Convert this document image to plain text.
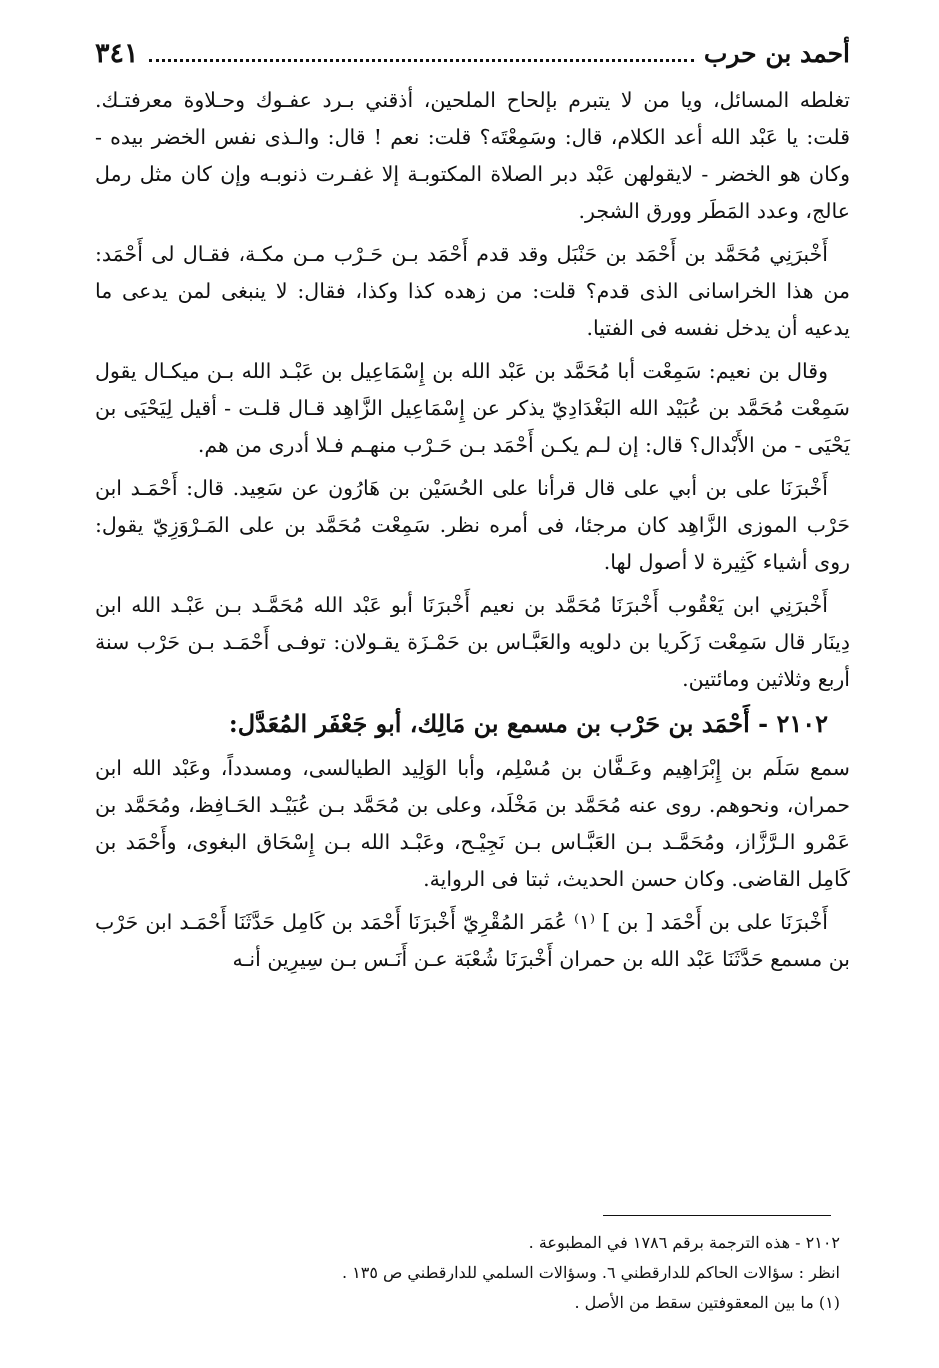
أحمد بن حرب
٣٤١

تغلطه المسائل، ويا من لا يتبرم بإلحاح الملحين، أذقني بـرد عفـوك وحـلاوة معرفتـك. قلت: يا عَبْد الله أعد الكلام، قال: وسَمِعْتَه؟ قلت: نعم ! قال: والـذى نفس الخضر بيده - وكان هو الخضر - لايقولهن عَبْد دبر الصلاة المكتوبـة إلا غفـرت ذنوبـه وإن كان مثل رمل عالج، وعدد المَطَر وورق الشجر.

أَخْبرَنِي مُحَمَّد بن أَحْمَد بن حَنْبَل وقد قدم أَحْمَد بـن حَـرْب مـن مكـة، فقـال لى أَحْمَد: من هذا الخراسانى الذى قدم؟ قلت: من زهده كذا وكذا، فقال: لا ينبغى لمن يدعى ما يدعيه أن يدخل نفسه فى الفتيا.

وقال بن نعيم: سَمِعْت أبا مُحَمَّد بن عَبْد الله بن إِسْمَاعِيل بن عَبْـد الله بـن ميكـال يقول سَمِعْت مُحَمَّد بن عُبَيْد الله البَغْدَادِيّ يذكر عن إِسْمَاعِيل الزَّاهِد قـال قلـت - أقيل لِيَحْيَى بن يَحْيَى - من الأَبْدال؟ قال: إن لـم يكـن أَحْمَد بـن حَـرْب منهـم فـلا أدرى من هم.

أَخْبرَنَا على بن أبي على قال قرأنا على الحُسَيْن بن هَارُون عن سَعِيد. قال: أَحْمَـد ابن حَرْب الموزى الزَّاهِد كان مرجئا، فى أمره نظر. سَمِعْت مُحَمَّد بن على المَـرْوَزِيّ يقول: روى أشياء كَثِيرة لا أصول لها.

أَخْبرَنِي ابن يَعْقُوب أَخْبرَنَا مُحَمَّد بن نعيم أَخْبرَنَا أبو عَبْد الله مُحَمَّـد بـن عَبْـد الله ابن دِينَار قال سَمِعْت زَكَريا بن دلويه والعَبَّـاس بن حَمْـزَة يقـولان: توفـى أَحْمَـد بـن حَرْب سنة أربع وثلاثين ومائتين.

٢١٠٢ - أَحْمَد بن حَرْب بن مسمع بن مَالِك، أبو جَعْفَر المُعَدَّل:

سمع سَلَم بن إِبْرَاهِيم وعَـفَّان بن مُسْلِم، وأبا الوَلِيد الطيالسى، ومسدداً، وعَبْد الله ابن حمران، ونحوهم. روى عنه مُحَمَّد بن مَخْلَد، وعلى بن مُحَمَّد بـن عُبَيْـد الحَـافِظ، ومُحَمَّد بن عَمْرو الـرَّزَّاز، ومُحَمَّـد بـن العَبَّـاس بـن نَجِيْـح، وعَبْـد الله بـن إِسْحَاق البغوى، وأَحْمَد بن كَامِل القاضى. وكان حسن الحديث، ثبتا فى الرواية.

أَخْبرَنَا على بن أَحْمَد [ بن ] ⁽١⁾ عُمَر المُقْرِيّ أَخْبرَنَا أَحْمَد بن كَامِل حَدَّثَنَا أَحْمَـد ابن حَرْب بن مسمع حَدَّثَنَا عَبْد الله بن حمران أَخْبرَنَا شُعْبَة عـن أَنَـس بـن سِيرِين أنـه

٢١٠٢ - هذه الترجمة برقم ١٧٨٦ في المطبوعة .

انظر : سؤالات الحاكم للدارقطني ٦. وسؤالات السلمي للدارقطني ص ١٣٥ .

(١) ما بين المعقوفتين سقط من الأصل .
